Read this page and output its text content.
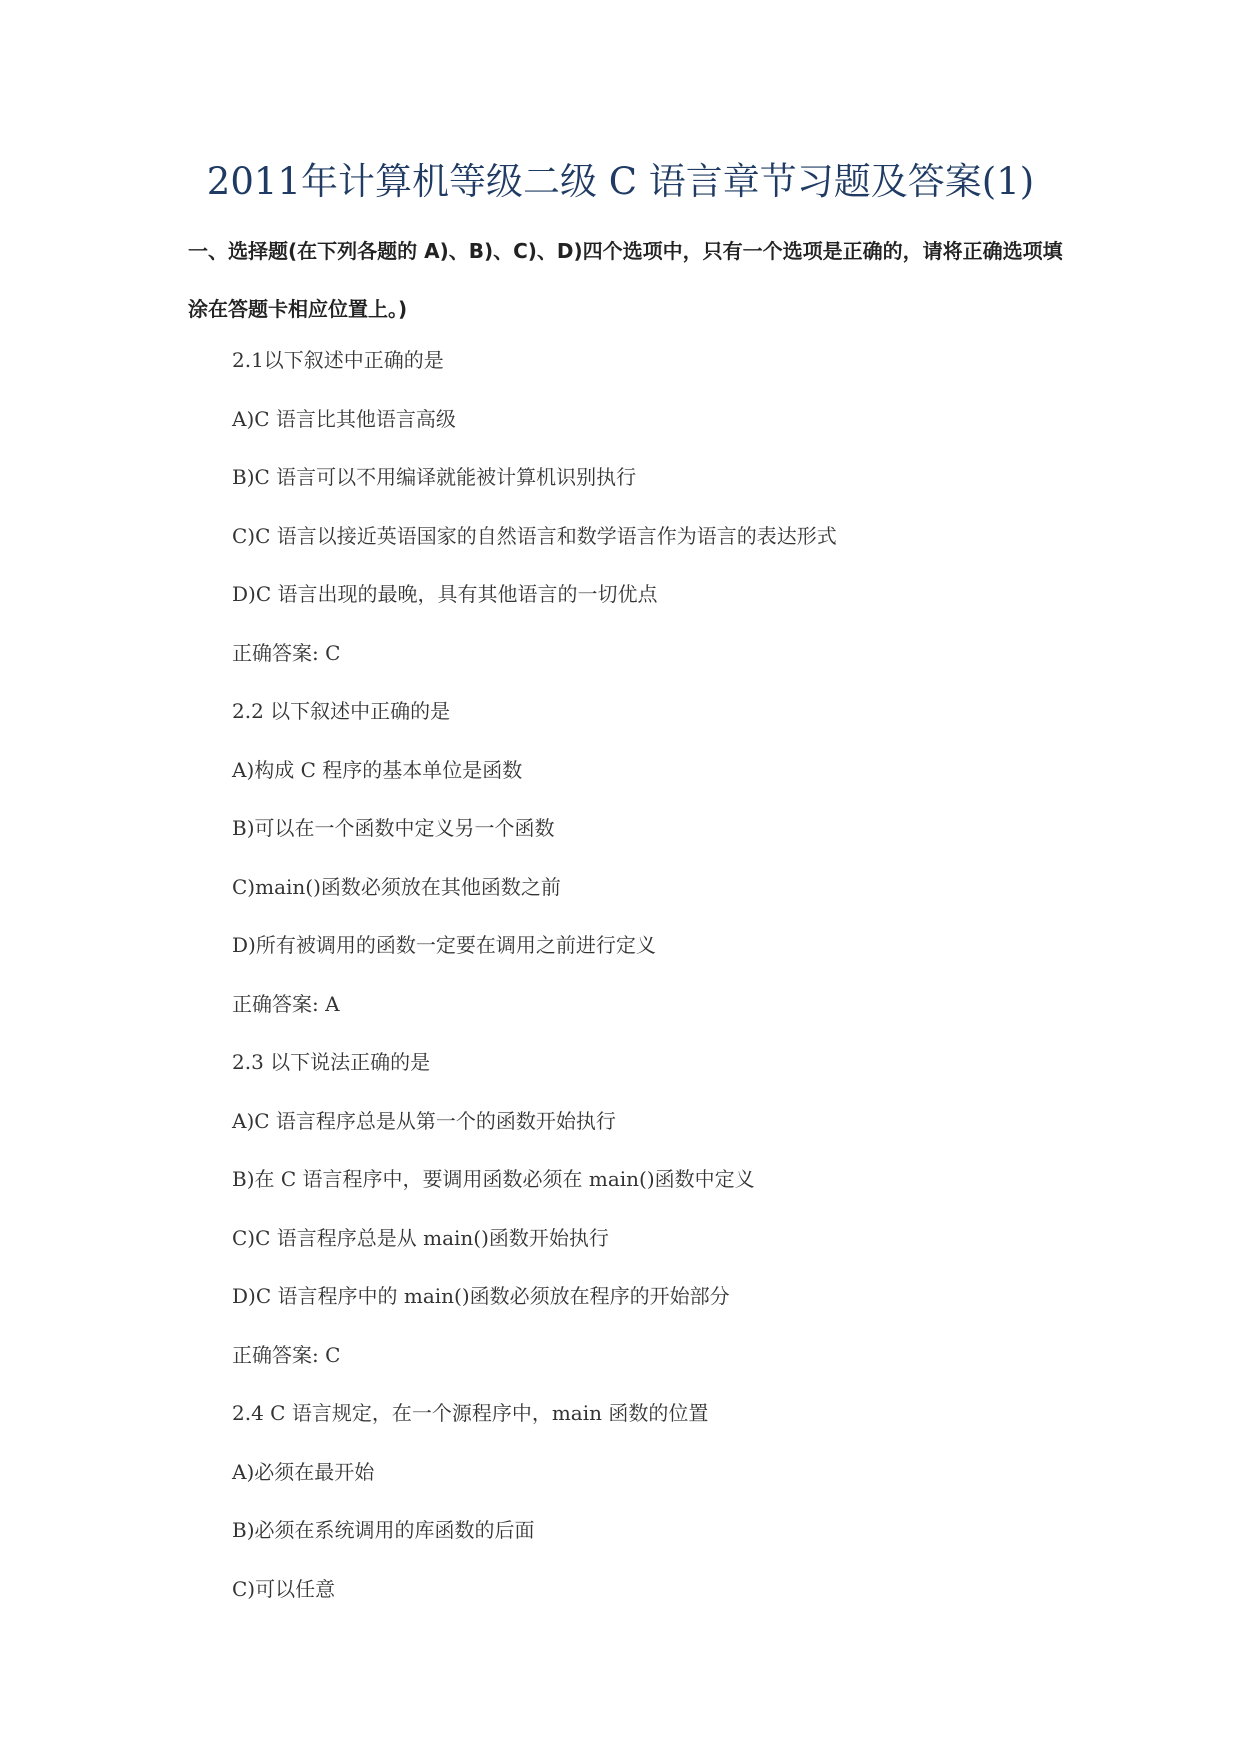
2011年计算机等级二级 C 语言章节习题及答案(1)
一、选择题(在下列各题的 A)、B)、C)、D)四个选项中，只有一个选项是正确的，请将正确选项填涂在答题卡相应位置上。)
2.1以下叙述中正确的是
A)C 语言比其他语言高级
B)C 语言可以不用编译就能被计算机识别执行
C)C 语言以接近英语国家的自然语言和数学语言作为语言的表达形式
D)C 语言出现的最晚，具有其他语言的一切优点
正确答案: C
2.2 以下叙述中正确的是
A)构成 C 程序的基本单位是函数
B)可以在一个函数中定义另一个函数
C)main()函数必须放在其他函数之前
D)所有被调用的函数一定要在调用之前进行定义
正确答案: A
2.3 以下说法正确的是
A)C 语言程序总是从第一个的函数开始执行
B)在 C 语言程序中，要调用函数必须在 main()函数中定义
C)C 语言程序总是从 main()函数开始执行
D)C 语言程序中的 main()函数必须放在程序的开始部分
正确答案: C
2.4 C 语言规定，在一个源程序中，main 函数的位置
A)必须在最开始
B)必须在系统调用的库函数的后面
C)可以任意
